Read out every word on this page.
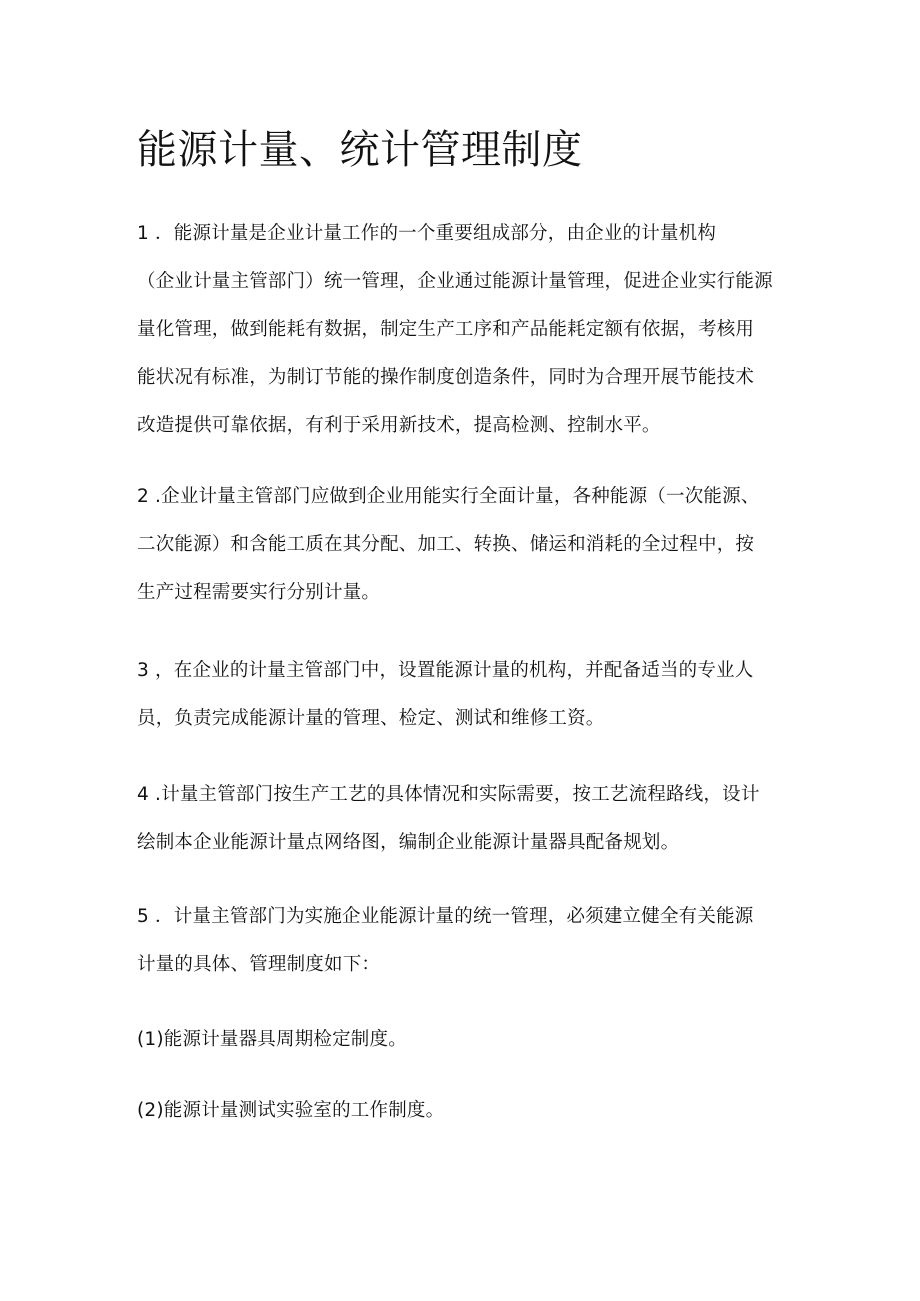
能源计量、统计管理制度

1 ．能源计量是企业计量工作的一个重要组成部分，由企业的计量机构
（企业计量主管部门）统一管理，企业通过能源计量管理，促进企业实行能源
量化管理，做到能耗有数据，制定生产工序和产品能耗定额有依据，考核用
能状况有标准，为制订节能的操作制度创造条件，同时为合理开展节能技术
改造提供可靠依据，有利于采用新技术，提高检测、控制水平。

2 .企业计量主管部门应做到企业用能实行全面计量，各种能源（一次能源、
二次能源）和含能工质在其分配、加工、转换、储运和消耗的全过程中，按
生产过程需要实行分别计量。

3 ，在企业的计量主管部门中，设置能源计量的机构，并配备适当的专业人
员，负责完成能源计量的管理、检定、测试和维修工资。

4 .计量主管部门按生产工艺的具体情况和实际需要，按工艺流程路线，设计
绘制本企业能源计量点网络图，编制企业能源计量器具配备规划。

5 ．计量主管部门为实施企业能源计量的统一管理，必须建立健全有关能源
计量的具体、管理制度如下：

(1)能源计量器具周期检定制度。

(2)能源计量测试实验室的工作制度。
